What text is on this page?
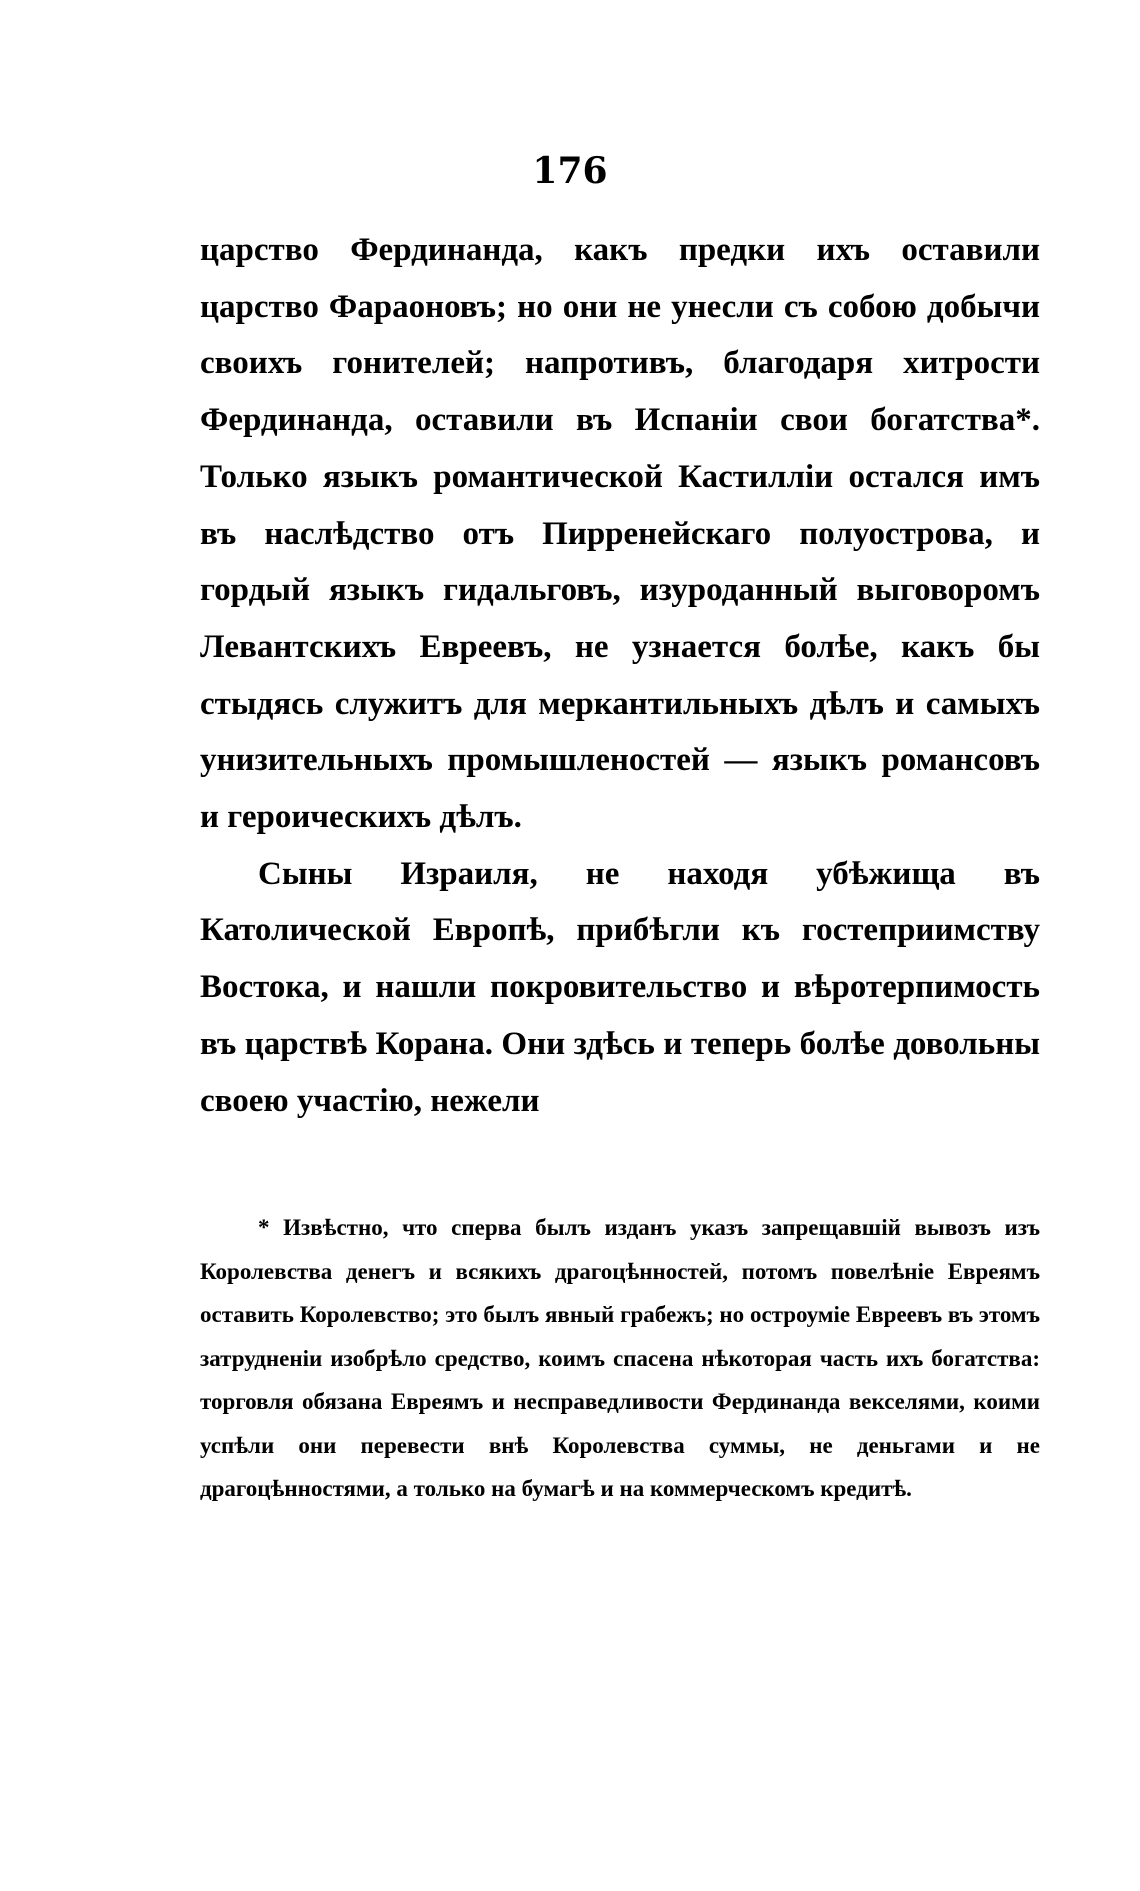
176

царство Фердинанда, какъ предки ихъ оставили царство Фараоновъ; но они не унесли съ собою добычи своихъ гонителей; напротивъ, благодаря хитрости Фердинанда, оставили въ Испаніи свои богатства*. Только языкъ романтической Кастилліи остался имъ въ наслѣдство отъ Пирренейскаго полуострова, и гордый языкъ гидальговъ, изуроданный выговоромъ Левантскихъ Евреевъ, не узнается болѣе, какъ бы стыдясь служитъ для меркантильныхъ дѣлъ и самыхъ унизительныхъ промышленостей — языкъ романсовъ и героическихъ дѣлъ.

Сыны Израиля, не находя убѣжища въ Католической Европѣ, прибѣгли къ гостеприимству Востока, и нашли покровительство и вѣротерпимость въ царствѣ Корана. Они здѣсь и теперь болѣе довольны своею участію, нежели

* Извѣстно, что сперва былъ изданъ указъ запрещавшій вывозъ изъ Королевства денегъ и всякихъ драгоцѣнностей, потомъ повелѣніе Евреямъ оставить Королевство; это былъ явный грабежъ; но остроуміе Евреевъ въ этомъ затрудненіи изобрѣло средство, коимъ спасена нѣкоторая часть ихъ богатства: торговля обязана Евреямъ и несправедливости Фердинанда векселями, коими успѣли они перевести внѣ Королевства суммы, не деньгами и не драгоцѣнностями, а только на бумагѣ и на коммерческомъ кредитѣ.
